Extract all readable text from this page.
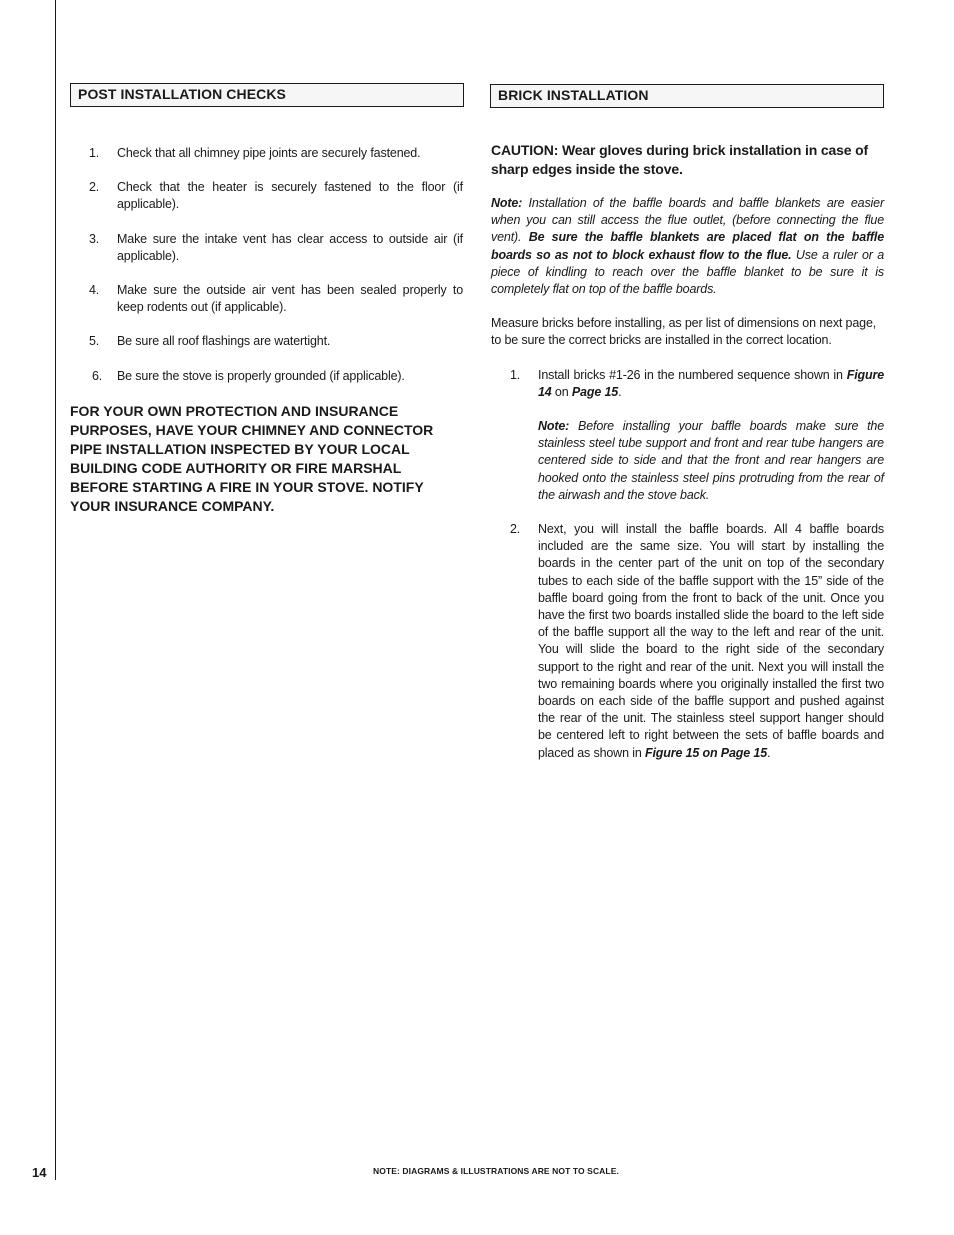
POST INSTALLATION CHECKS
1. Check that all chimney pipe joints are securely fastened.
2. Check that the heater is securely fastened to the floor (if applicable).
3. Make sure the intake vent has clear access to outside air (if applicable).
4. Make sure the outside air vent has been sealed properly to keep rodents out (if applicable).
5. Be sure all roof flashings are watertight.
6. Be sure the stove is properly grounded (if applicable).
FOR YOUR OWN PROTECTION AND INSURANCE PURPOSES, HAVE YOUR CHIMNEY AND CONNECTOR PIPE INSTALLATION INSPECTED BY YOUR LOCAL BUILDING CODE AUTHORITY OR FIRE MARSHAL BEFORE STARTING A FIRE IN YOUR STOVE. NOTIFY YOUR INSURANCE COMPANY.
BRICK INSTALLATION
CAUTION: Wear gloves during brick installation in case of sharp edges inside the stove.
Note: Installation of the baffle boards and baffle blankets are easier when you can still access the flue outlet, (before connecting the flue vent). Be sure the baffle blankets are placed flat on the baffle boards so as not to block exhaust flow to the flue. Use a ruler or a piece of kindling to reach over the baffle blanket to be sure it is completely flat on top of the baffle boards.
Measure bricks before installing, as per list of dimensions on next page, to be sure the correct bricks are installed in the correct location.
1. Install bricks #1-26 in the numbered sequence shown in Figure 14 on Page 15.
Note: Before installing your baffle boards make sure the stainless steel tube support and front and rear tube hangers are centered side to side and that the front and rear hangers are hooked onto the stainless steel pins protruding from the rear of the airwash and the stove back.
2. Next, you will install the baffle boards. All 4 baffle boards included are the same size. You will start by installing the boards in the center part of the unit on top of the secondary tubes to each side of the baffle support with the 15” side of the baffle board going from the front to back of the unit. Once you have the first two boards installed slide the board to the left side of the baffle support all the way to the left and rear of the unit. You will slide the board to the right side of the secondary support to the right and rear of the unit. Next you will install the two remaining boards where you originally installed the first two boards on each side of the baffle support and pushed against the rear of the unit. The stainless steel support hanger should be centered left to right between the sets of baffle boards and placed as shown in Figure 15 on Page 15.
14	NOTE: DIAGRAMS & ILLUSTRATIONS ARE NOT TO SCALE.
